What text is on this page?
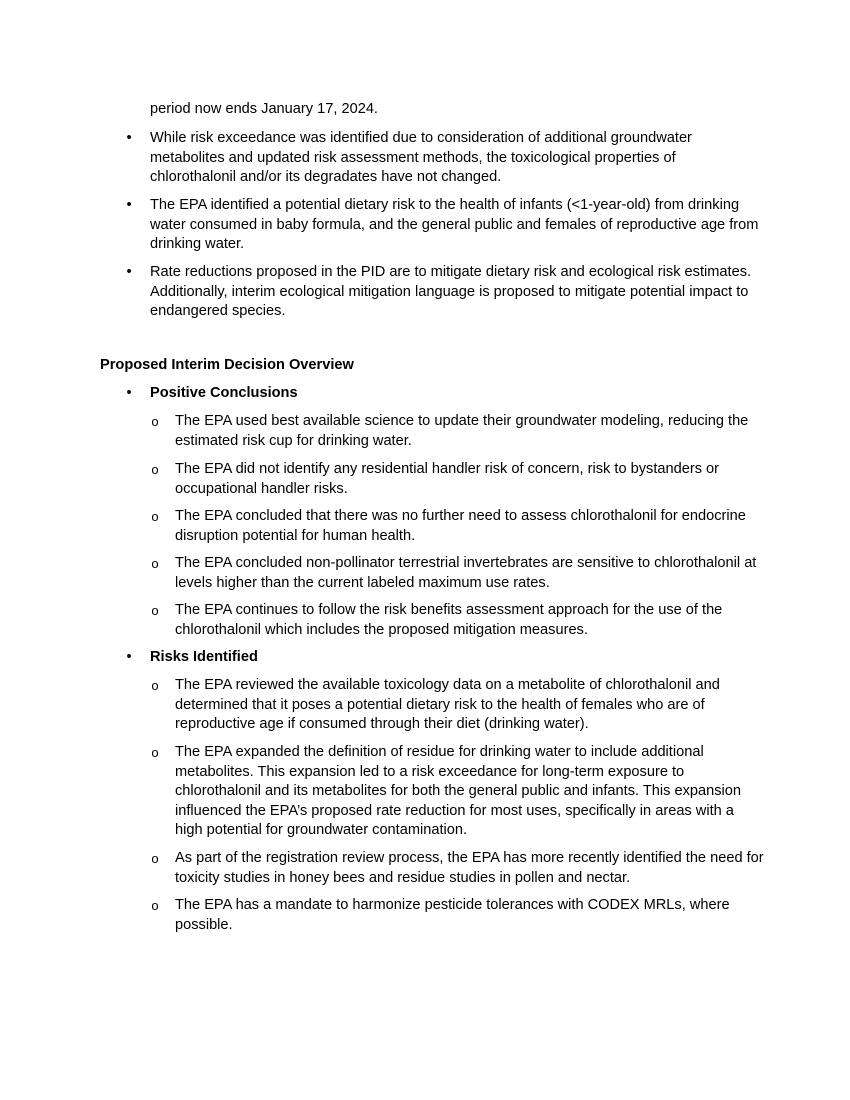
period now ends January 17, 2024.

• While risk exceedance was identified due to consideration of additional groundwater metabolites and updated risk assessment methods, the toxicological properties of chlorothalonil and/or its degradates have not changed.
• The EPA identified a potential dietary risk to the health of infants (<1-year-old) from drinking water consumed in baby formula, and the general public and females of reproductive age from drinking water.
• Rate reductions proposed in the PID are to mitigate dietary risk and ecological risk estimates. Additionally, interim ecological mitigation language is proposed to mitigate potential impact to endangered species.
Proposed Interim Decision Overview
• Positive Conclusions
o The EPA used best available science to update their groundwater modeling, reducing the estimated risk cup for drinking water.
o The EPA did not identify any residential handler risk of concern, risk to bystanders or occupational handler risks.
o The EPA concluded that there was no further need to assess chlorothalonil for endocrine disruption potential for human health.
o The EPA concluded non-pollinator terrestrial invertebrates are sensitive to chlorothalonil at levels higher than the current labeled maximum use rates.
o The EPA continues to follow the risk benefits assessment approach for the use of the chlorothalonil which includes the proposed mitigation measures.
• Risks Identified
o The EPA reviewed the available toxicology data on a metabolite of chlorothalonil and determined that it poses a potential dietary risk to the health of females who are of reproductive age if consumed through their diet (drinking water).
o The EPA expanded the definition of residue for drinking water to include additional metabolites. This expansion led to a risk exceedance for long-term exposure to chlorothalonil and its metabolites for both the general public and infants. This expansion influenced the EPA’s proposed rate reduction for most uses, specifically in areas with a high potential for groundwater contamination.
o As part of the registration review process, the EPA has more recently identified the need for toxicity studies in honey bees and residue studies in pollen and nectar.
o The EPA has a mandate to harmonize pesticide tolerances with CODEX MRLs, where possible.
